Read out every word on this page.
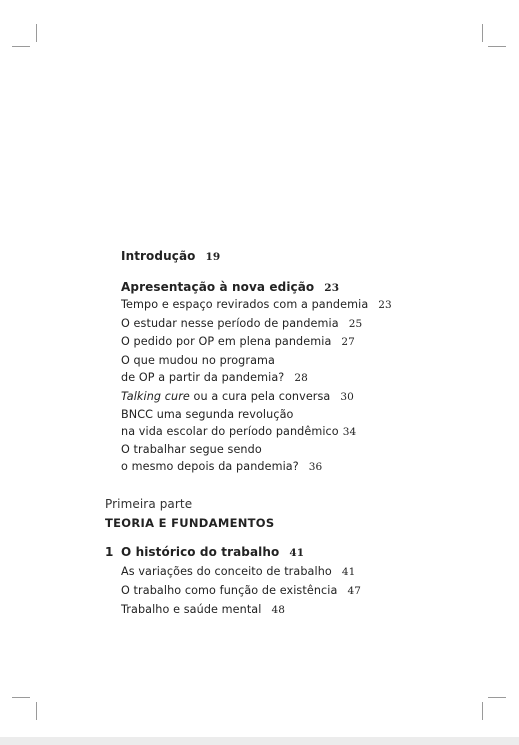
Introdução 19
Apresentação à nova edição 23
Tempo e espaço revirados com a pandemia 23
O estudar nesse período de pandemia 25
O pedido por OP em plena pandemia 27
O que mudou no programa
de OP a partir da pandemia? 28
Talking cure ou a cura pela conversa 30
BNCC uma segunda revolução
na vida escolar do período pandêmico 34
O trabalhar segue sendo
o mesmo depois da pandemia? 36
Primeira parte
TEORIA E FUNDAMENTOS
1 O histórico do trabalho 41
As variações do conceito de trabalho 41
O trabalho como função de existência 47
Trabalho e saúde mental 48
